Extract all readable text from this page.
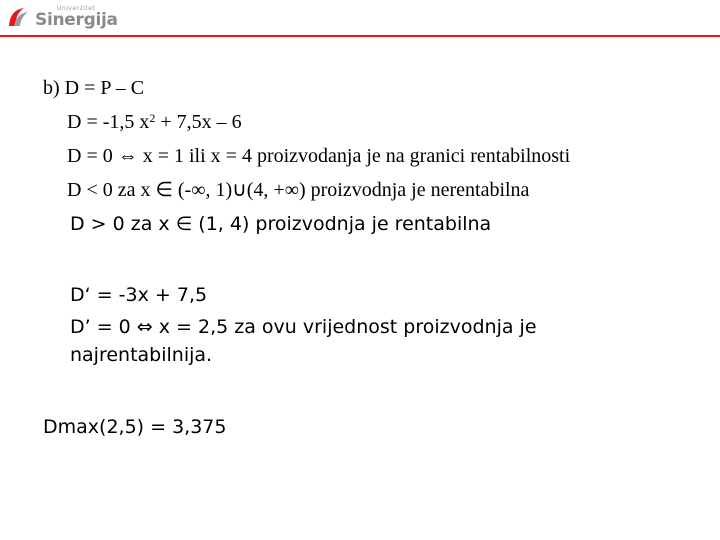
Univerzitet
Sinergija
b) D = P – C
D = -1,5 $x^2 + 7,5x - 6$
D = 0 ⇔ x = 1 ili x = 4 proizvodanja je na granici rentabilnosti
D < 0 za x ∈ (-∞, 1)∪(4, +∞) proizvodnja je nerentabilna
D > 0 za x ∈ (1, 4) proizvodnja je rentabilna
D‘ = -3x + 7,5
D’ = 0 ⇔ x = 2,5 za ovu vrijednost proizvodnja je
najrentabilnija.
Dmax(2,5) = 3,375
